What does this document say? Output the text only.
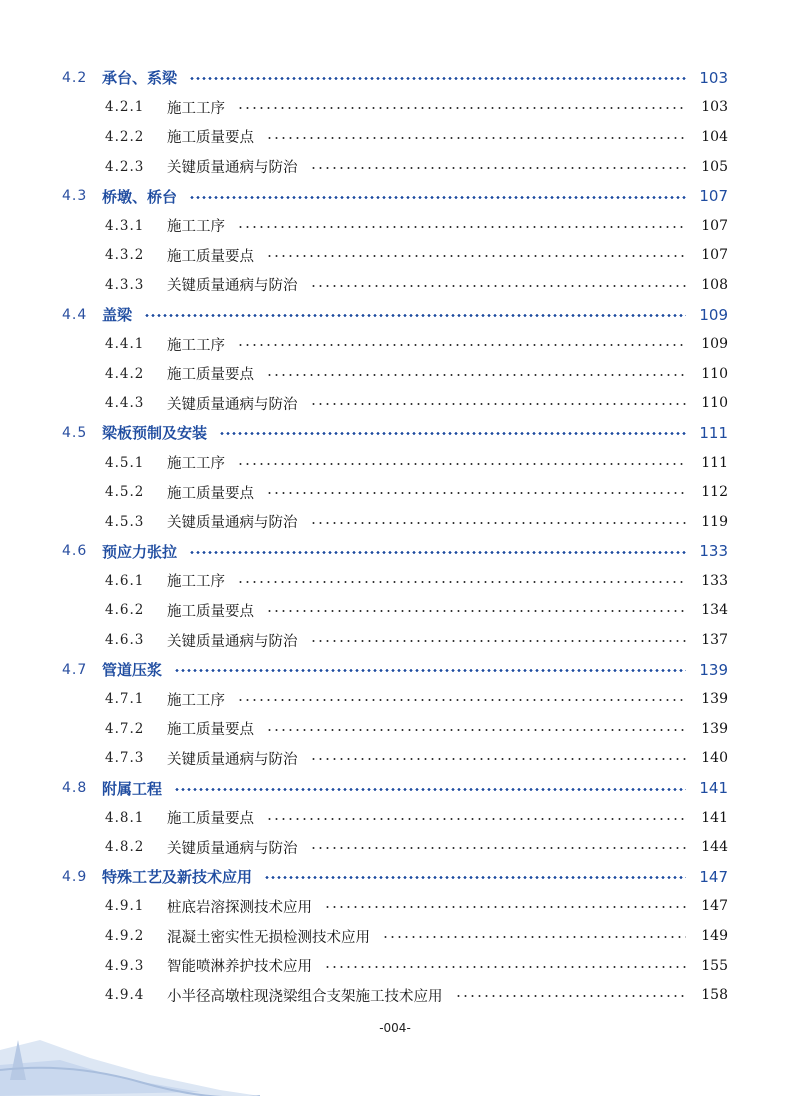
4.2 承台、系梁	103
4.2.1	施工工序	103
4.2.2	施工质量要点	104
4.2.3	关键质量通病与防治	105
4.3 桥墩、桥台	107
4.3.1	施工工序	107
4.3.2	施工质量要点	107
4.3.3	关键质量通病与防治	108
4.4 盖梁	109
4.4.1	施工工序	109
4.4.2	施工质量要点	110
4.4.3	关键质量通病与防治	110
4.5 梁板预制及安装	111
4.5.1	施工工序	111
4.5.2	施工质量要点	112
4.5.3	关键质量通病与防治	119
4.6 预应力张拉	133
4.6.1	施工工序	133
4.6.2	施工质量要点	134
4.6.3	关键质量通病与防治	137
4.7 管道压浆	139
4.7.1	施工工序	139
4.7.2	施工质量要点	139
4.7.3	关键质量通病与防治	140
4.8 附属工程	141
4.8.1	施工质量要点	141
4.8.2	关键质量通病与防治	144
4.9 特殊工艺及新技术应用	147
4.9.1	桩底岩溶探测技术应用	147
4.9.2	混凝土密实性无损检测技术应用	149
4.9.3	智能喷淋养护技术应用	155
4.9.4	小半径高墩柱现浇梁组合支架施工技术应用	158
-004-
